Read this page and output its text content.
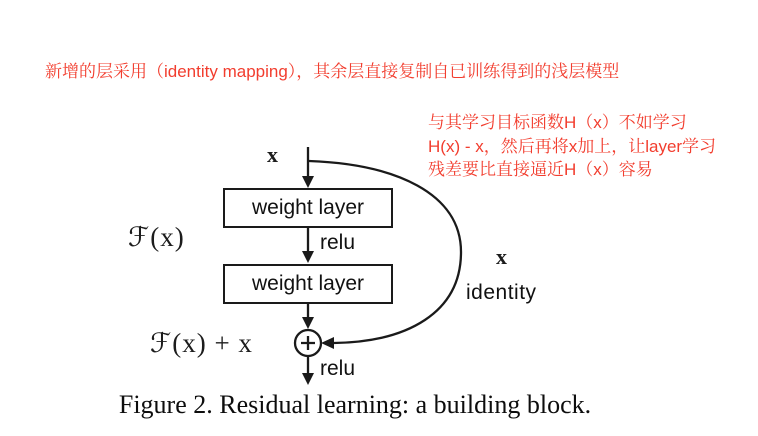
新增的层采用（identity mapping），其余层直接复制自已训练得到的浅层模型
与其学习目标函数H（x）不如学习
H(x) - x，然后再将x加上，让layer学习
残差要比直接逼近H（x）容易
x
weight layer
relu
weight layer
ℱ(x)
ℱ(x) + x
relu
x
identity
Figure 2. Residual learning: a building block.
